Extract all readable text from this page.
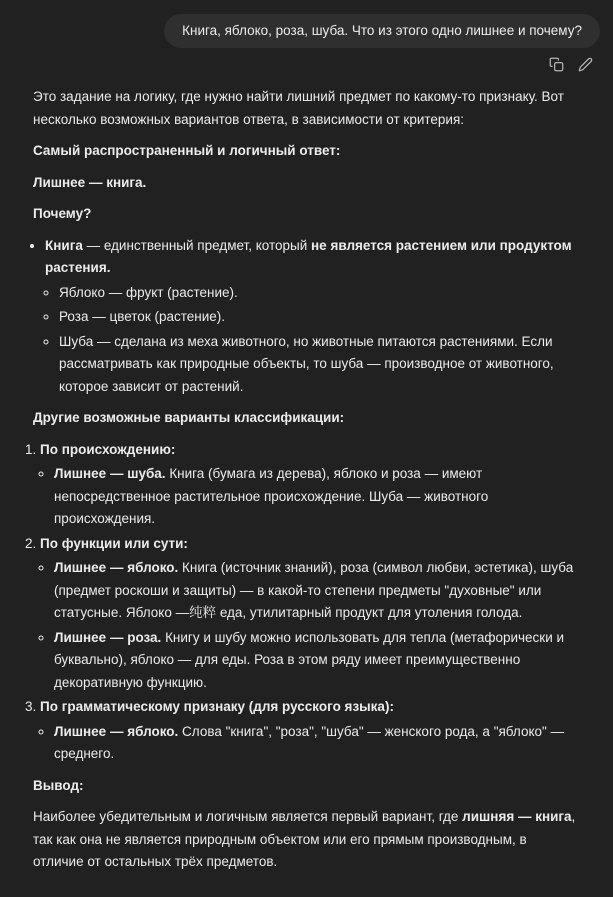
Книга, яблоко, роза, шуба. Что из этого одно лишнее и почему?

Это задание на логику, где нужно найти лишний предмет по какому-то признаку. Вот несколько возможных вариантов ответа, в зависимости от критерия:

Самый распространенный и логичный ответ:

Лишнее — книга.

Почему?

• Книга — единственный предмет, который не является растением или продуктом растения.
◦ Яблоко — фрукт (растение).
◦ Роза — цветок (растение).
◦ Шуба — сделана из меха животного, но животные питаются растениями. Если рассматривать как природные объекты, то шуба — производное от животного, которое зависит от растений.

Другие возможные варианты классификации:

1. По происхождению:
◦ Лишнее — шуба. Книга (бумага из дерева), яблоко и роза — имеют непосредственное растительное происхождение. Шуба — животного происхождения.
2. По функции или сути:
◦ Лишнее — яблоко. Книга (источник знаний), роза (символ любви, эстетика), шуба (предмет роскоши и защиты) — в какой-то степени предметы "духовные" или статусные. Яблоко —纯粹 еда, утилитарный продукт для утоления голода.
◦ Лишнее — роза. Книгу и шубу можно использовать для тепла (метафорически и буквально), яблоко — для еды. Роза в этом ряду имеет преимущественно декоративную функцию.
3. По грамматическому признаку (для русского языка):
◦ Лишнее — яблоко. Слова "книга", "роза", "шуба" — женского рода, а "яблоко" — среднего.

Вывод:

Наиболее убедительным и логичным является первый вариант, где лишняя — книга, так как она не является природным объектом или его прямым производным, в отличие от остальных трёх предметов.
